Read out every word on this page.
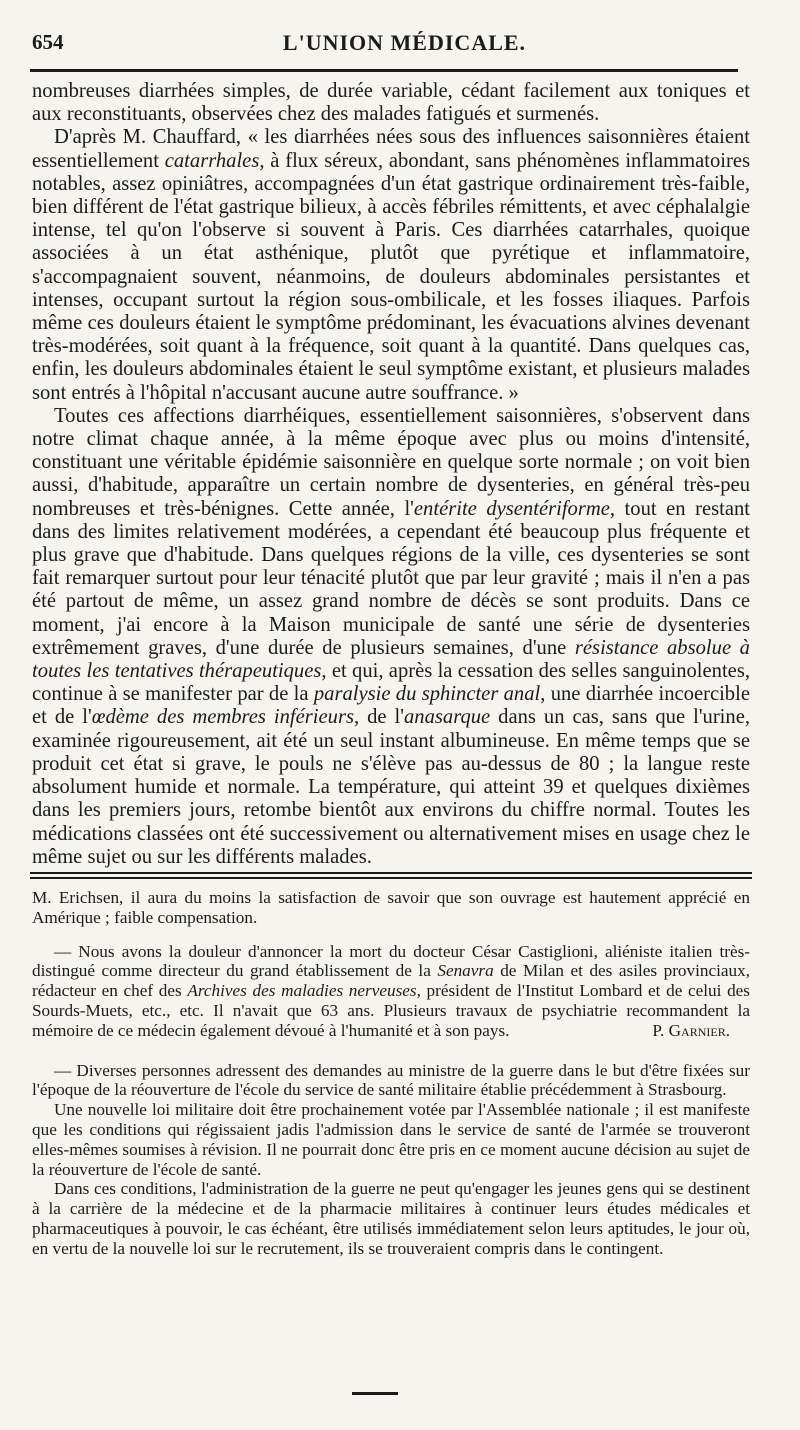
654	L'UNION MÉDICALE.

nombreuses diarrhées simples, de durée variable, cédant facilement aux toniques et aux reconstituants, observées chez des malades fatigués et surmenés.

D'après M. Chauffard, « les diarrhées nées sous des influences saisonnières étaient essentiellement catarrhales, à flux séreux, abondant, sans phénomènes inflammatoires notables, assez opiniâtres, accompagnées d'un état gastrique ordinairement très-faible, bien différent de l'état gastrique bilieux, à accès fébriles rémittents, et avec céphalalgie intense, tel qu'on l'observe si souvent à Paris. Ces diarrhées catarrhales, quoique associées à un état asthénique, plutôt que pyrétique et inflammatoire, s'accompagnaient souvent, néanmoins, de douleurs abdominales persistantes et intenses, occupant surtout la région sous-ombilicale, et les fosses iliaques. Parfois même ces douleurs étaient le symptôme prédominant, les évacuations alvines devenant très-modérées, soit quant à la fréquence, soit quant à la quantité. Dans quelques cas, enfin, les douleurs abdominales étaient le seul symptôme existant, et plusieurs malades sont entrés à l'hôpital n'accusant aucune autre souffrance. »

Toutes ces affections diarrhéiques, essentiellement saisonnières, s'observent dans notre climat chaque année, à la même époque avec plus ou moins d'intensité, constituant une véritable épidémie saisonnière en quelque sorte normale ; on voit bien aussi, d'habitude, apparaître un certain nombre de dysenteries, en général très-peu nombreuses et très-bénignes. Cette année, l'entérite dysentériforme, tout en restant dans des limites relativement modérées, a cependant été beaucoup plus fréquente et plus grave que d'habitude. Dans quelques régions de la ville, ces dysenteries se sont fait remarquer surtout pour leur ténacité plutôt que par leur gravité ; mais il n'en a pas été partout de même, un assez grand nombre de décès se sont produits. Dans ce moment, j'ai encore à la Maison municipale de santé une série de dysenteries extrêmement graves, d'une durée de plusieurs semaines, d'une résistance absolue à toutes les tentatives thérapeutiques, et qui, après la cessation des selles sanguinolentes, continue à se manifester par de la paralysie du sphincter anal, une diarrhée incoercible et de l'œdème des membres inférieurs, de l'anasarque dans un cas, sans que l'urine, examinée rigoureusement, ait été un seul instant albumineuse. En même temps que se produit cet état si grave, le pouls ne s'élève pas au-dessus de 80 ; la langue reste absolument humide et normale. La température, qui atteint 39 et quelques dixièmes dans les premiers jours, retombe bientôt aux environs du chiffre normal. Toutes les médications classées ont été successivement ou alternativement mises en usage chez le même sujet ou sur les différents malades.

M. Erichsen, il aura du moins la satisfaction de savoir que son ouvrage est hautement apprécié en Amérique ; faible compensation.

— Nous avons la douleur d'annoncer la mort du docteur César Castiglioni, aliéniste italien très-distingué comme directeur du grand établissement de la Senavra de Milan et des asiles provinciaux, rédacteur en chef des Archives des maladies nerveuses, président de l'Institut Lombard et de celui des Sourds-Muets, etc., etc. Il n'avait que 63 ans. Plusieurs travaux de psychiatrie recommandent la mémoire de ce médecin également dévoué à l'humanité et à son pays.	P. Garnier.

— Diverses personnes adressent des demandes au ministre de la guerre dans le but d'être fixées sur l'époque de la réouverture de l'école du service de santé militaire établie précédemment à Strasbourg.

Une nouvelle loi militaire doit être prochainement votée par l'Assemblée nationale ; il est manifeste que les conditions qui régissaient jadis l'admission dans le service de santé de l'armée se trouveront elles-mêmes soumises à révision. Il ne pourrait donc être pris en ce moment aucune décision au sujet de la réouverture de l'école de santé.

Dans ces conditions, l'administration de la guerre ne peut qu'engager les jeunes gens qui se destinent à la carrière de la médecine et de la pharmacie militaires à continuer leurs études médicales et pharmaceutiques à pouvoir, le cas échéant, être utilisés immédiatement selon leurs aptitudes, le jour où, en vertu de la nouvelle loi sur le recrutement, ils se trouveraient compris dans le contingent.
